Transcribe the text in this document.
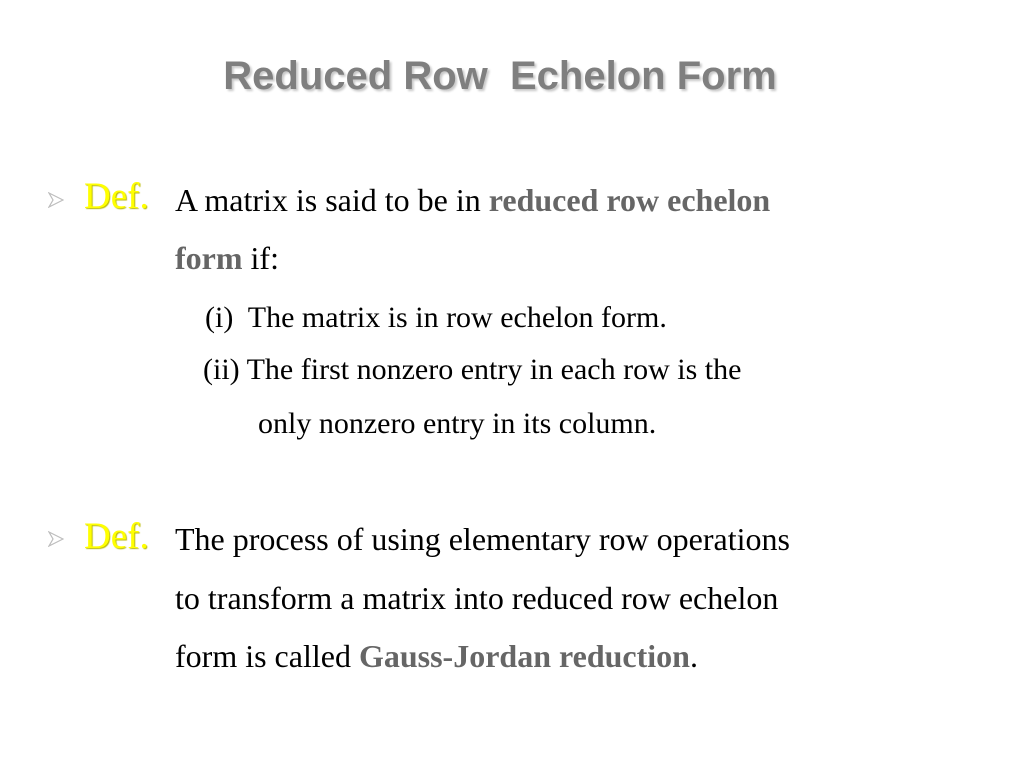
Reduced Row  Echelon Form
Def. A matrix is said to be in reduced row echelon
form if:
(i)  The matrix is in row echelon form.
(ii) The first nonzero entry in each row is the
only nonzero entry in its column.
Def. The process of using elementary row operations
to transform a matrix into reduced row echelon
form is called Gauss-Jordan reduction.
